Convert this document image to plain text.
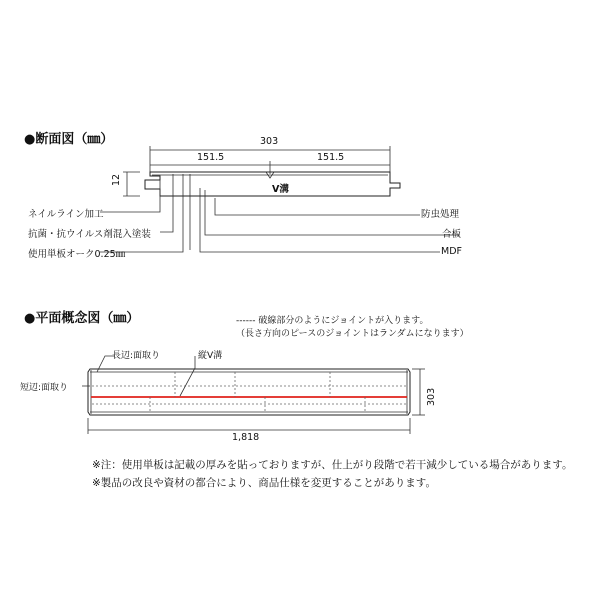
●断面図（㎜）	303
151.5	151.5
12
V溝
ネイルライン加工
抗菌・抗ウイルス剤混入塗装
使用単板オーク0.25㎜
防虫処理
合板
MDF
●平面概念図（㎜）	------ 破線部分のようにジョイントが入ります。
（長さ方向のピースのジョイントはランダムになります）
長辺:面取り	縦V溝
短辺:面取り	303
1,818
※注：使用単板は記載の厚みを貼っておりますが、仕上がり段階で若干減少している場合があります。
※製品の改良や資材の都合により、商品仕様を変更することがあります。
